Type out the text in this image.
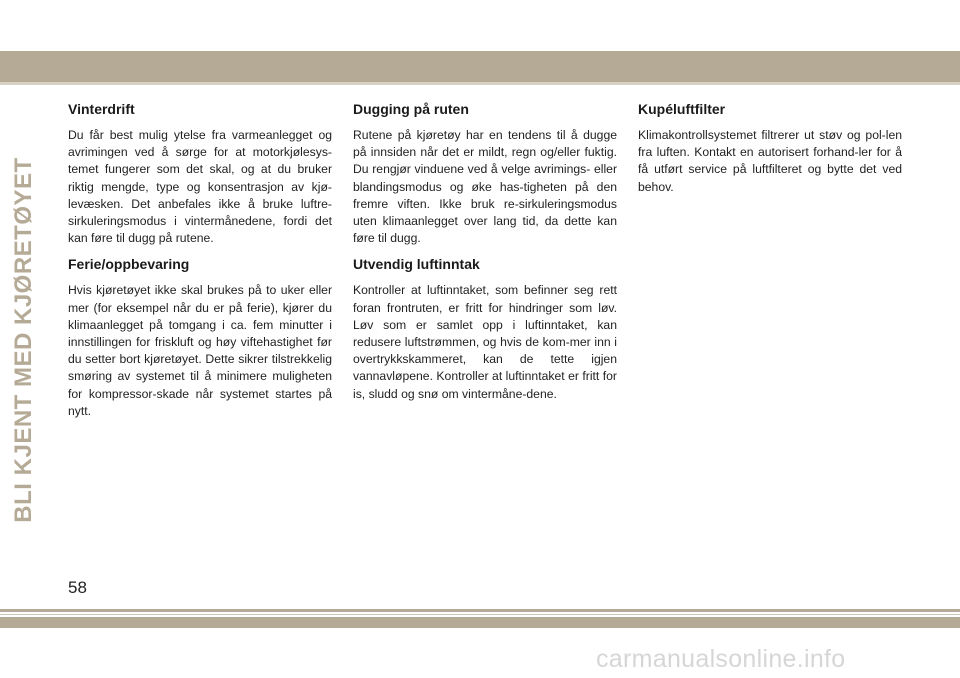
BLI KJENT MED KJØRETØYET
Vinterdrift

Du får best mulig ytelse fra varmeanlegget og avrimingen ved å sørge for at motorkjølesys-temet fungerer som det skal, og at du bruker riktig mengde, type og konsentrasjon av kjø-levæsken. Det anbefales ikke å bruke luftre-sirkuleringsmodus i vintermånedene, fordi det kan føre til dugg på rutene.

Ferie/oppbevaring

Hvis kjøretøyet ikke skal brukes på to uker eller mer (for eksempel når du er på ferie), kjører du klimaanlegget på tomgang i ca. fem minutter i innstillingen for friskluft og høy viftehastighet før du setter bort kjøretøyet. Dette sikrer tilstrekkelig smøring av systemet til å minimere muligheten for kompressor-skade når systemet startes på nytt.

Dugging på ruten

Rutene på kjøretøy har en tendens til å dugge på innsiden når det er mildt, regn og/eller fuktig. Du rengjør vinduene ved å velge avrimings- eller blandingsmodus og øke has-tigheten på den fremre viften. Ikke bruk re-sirkuleringsmodus uten klimaanlegget over lang tid, da dette kan føre til dugg.

Utvendig luftinntak

Kontroller at luftinntaket, som befinner seg rett foran frontruten, er fritt for hindringer som løv. Løv som er samlet opp i luftinntaket, kan redusere luftstrømmen, og hvis de kom-mer inn i overtrykkskammeret, kan de tette igjen vannavløpene. Kontroller at luftinntaket er fritt for is, sludd og snø om vintermåne-dene.

Kupéluftfilter

Klimakontrollsystemet filtrerer ut støv og pol-len fra luften. Kontakt en autorisert forhand-ler for å få utført service på luftfilteret og bytte det ved behov.

58
carmanualsonline.info
